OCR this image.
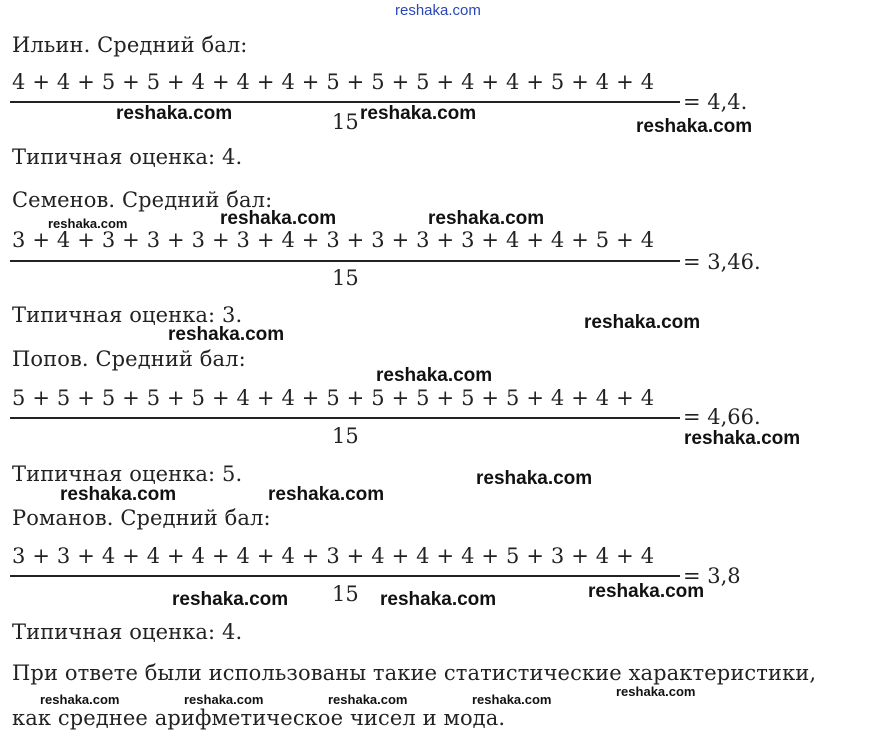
reshaka.com
Ильин. Средний бал:
4 + 4 + 5 + 5 + 4 + 4 + 4 + 5 + 5 + 5 + 4 + 4 + 5 + 4 + 4
15
= 4,4.
Типичная оценка: 4.
Семенов. Средний бал:
3 + 4 + 3 + 3 + 3 + 3 + 4 + 3 + 3 + 3 + 3 + 4 + 4 + 5 + 4
15
= 3,46.
Типичная оценка: 3.
Попов. Средний бал:
5 + 5 + 5 + 5 + 5 + 4 + 4 + 5 + 5 + 5 + 5 + 5 + 4 + 4 + 4
15
= 4,66.
Типичная оценка: 5.
Романов. Средний бал:
3 + 3 + 4 + 4 + 4 + 4 + 4 + 3 + 4 + 4 + 4 + 5 + 3 + 4 + 4
15
= 3,8
Типичная оценка: 4.
При ответе были использованы такие статистические характеристики,
как среднее арифметическое чисел и мода.
reshaka.com	reshaka.com
reshaka.com
reshaka.com	reshaka.com	reshaka.com
reshaka.com
reshaka.com
reshaka.com
reshaka.com
reshaka.com
reshaka.com	reshaka.com
reshaka.com	reshaka.com	reshaka.com
reshaka.com	reshaka.com	reshaka.com	reshaka.com
reshaka.com
